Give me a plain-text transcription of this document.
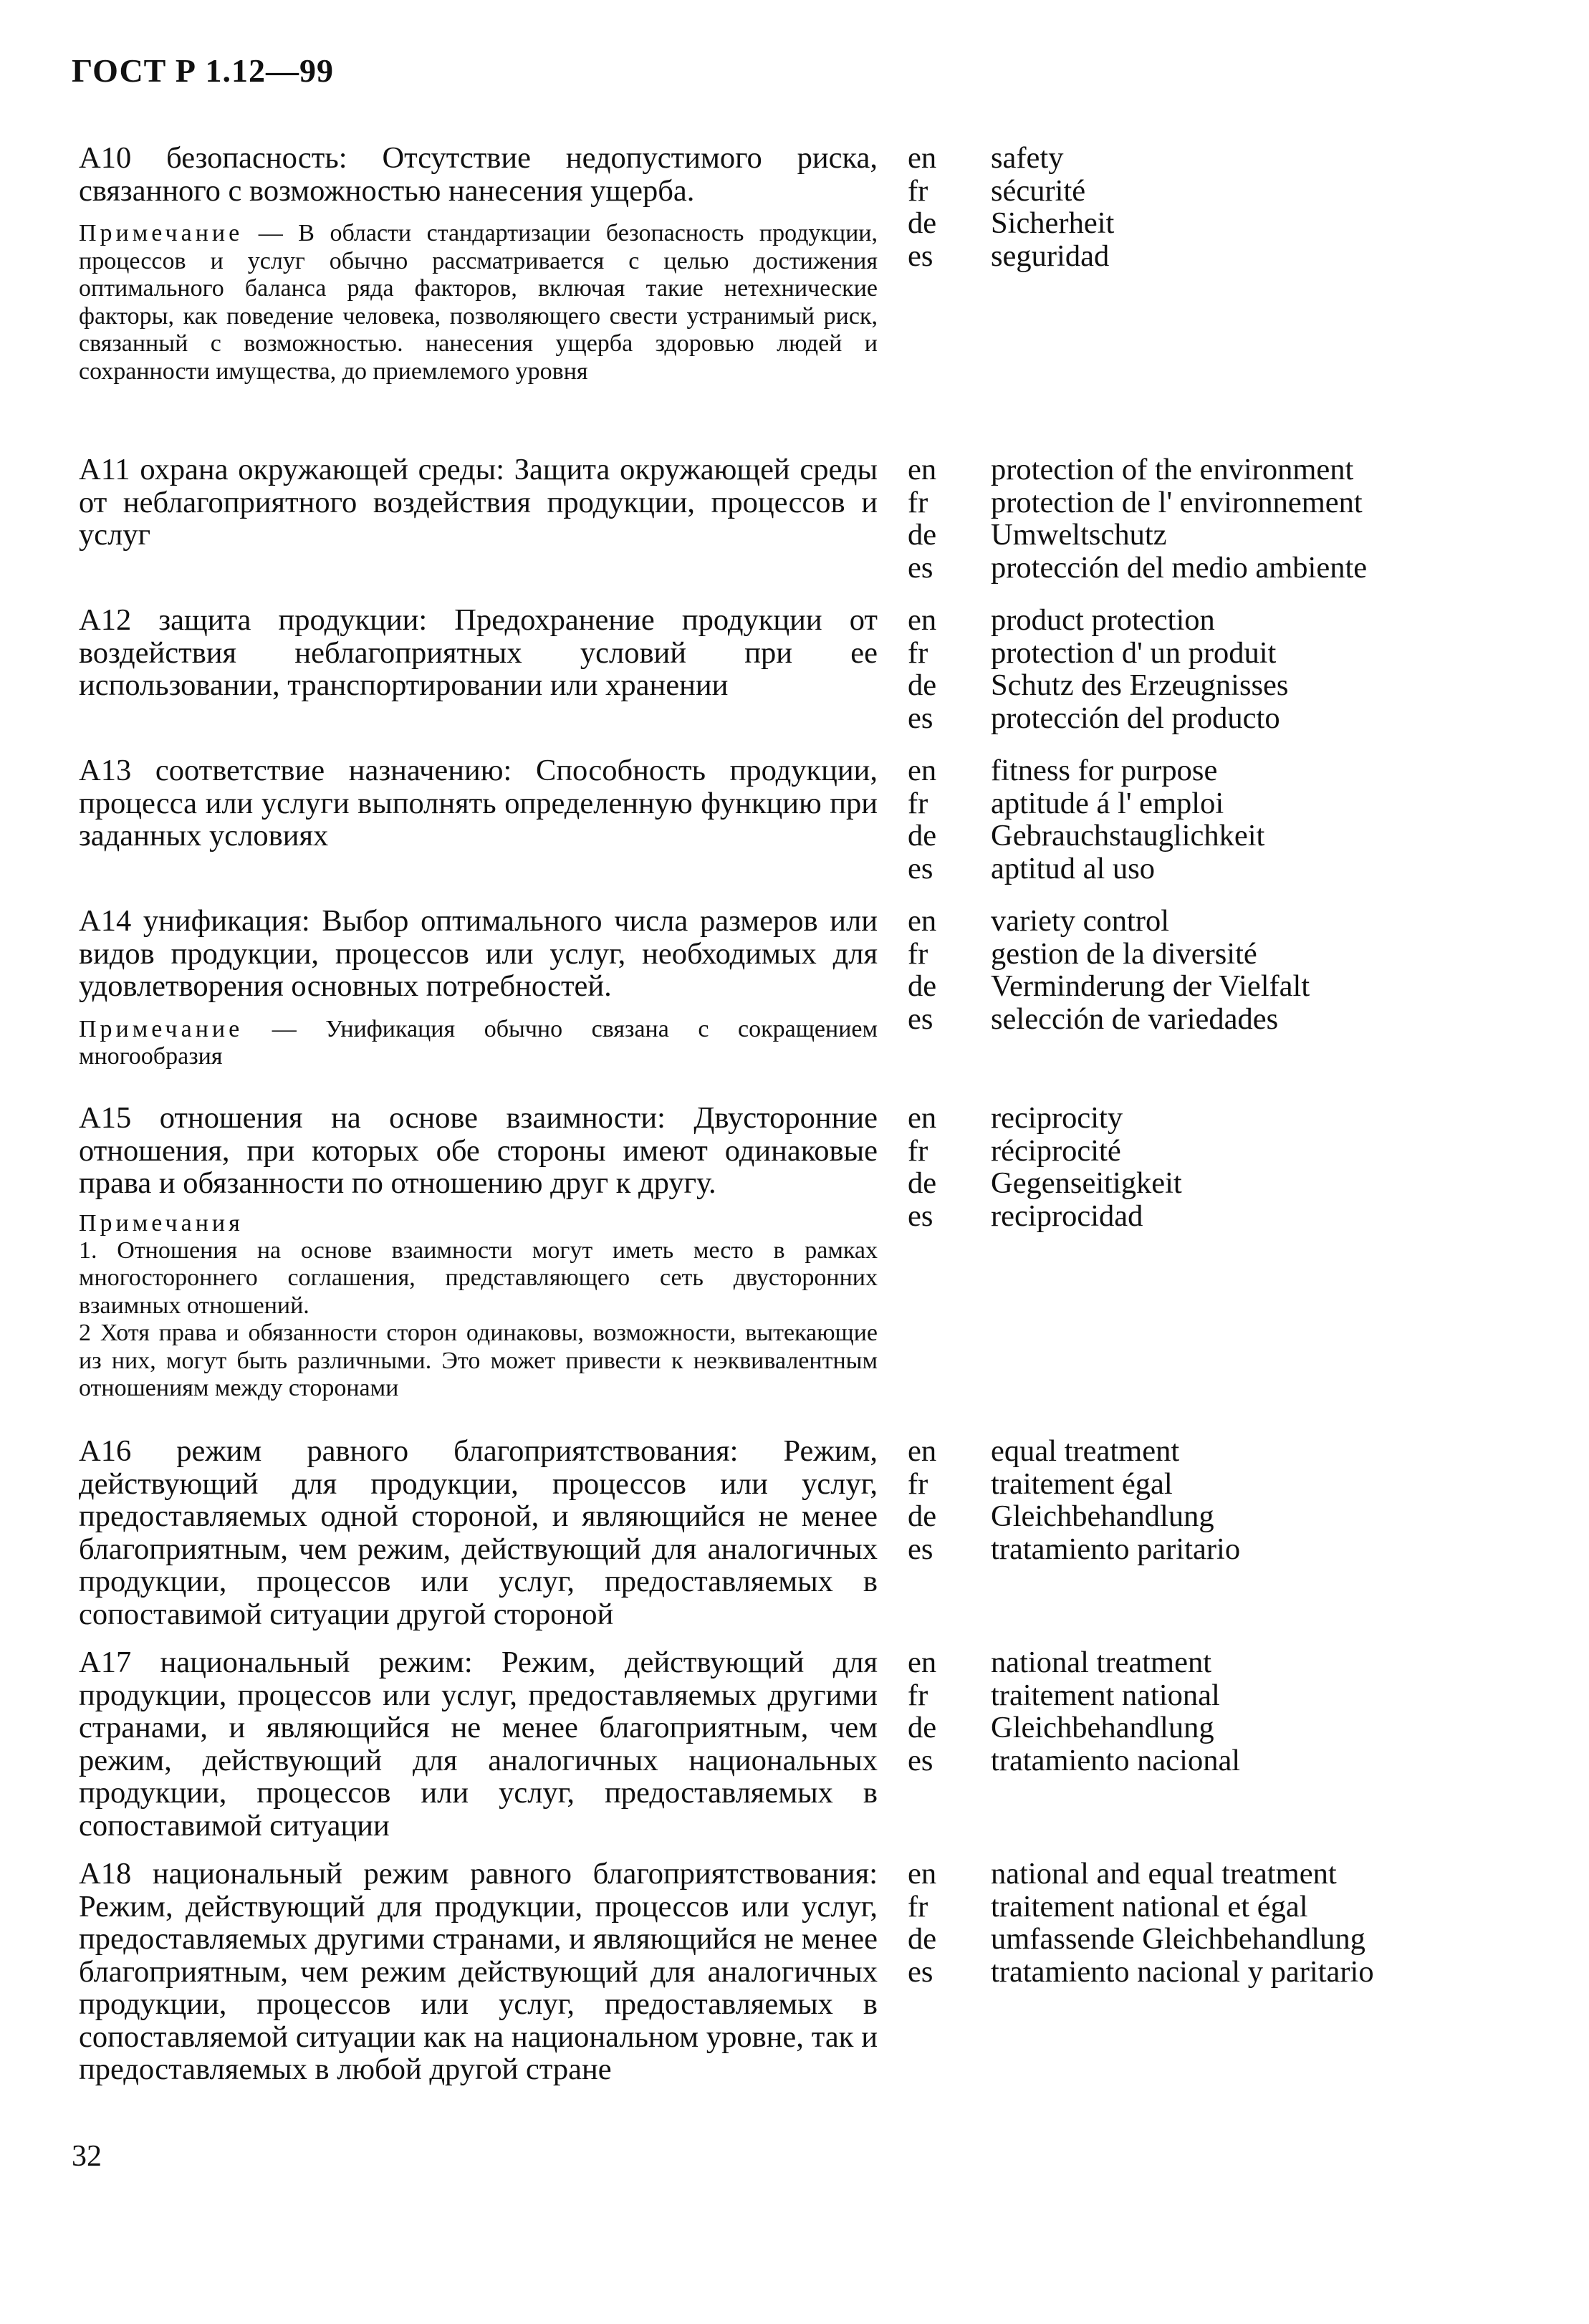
ГОСТ Р 1.12—99

А10 безопасность: Отсутствие недопустимого риска, связанного с возможностью нанесения ущерба.

Примечание — В области стандартизации безопасность продукции, процессов и услуг обычно рассматривается с целью достижения оптимального баланса ряда факторов, включая такие нетехнические факторы, как поведение человека, позволяющего свести устранимый риск, связанный с возможностью. нанесения ущерба здоровью людей и сохранности имущества, до приемлемого уровня

en
fr
de
es
safety
sécurité
Sicherheit
seguridad

А11 охрана окружающей среды: Защита окружающей среды от неблагоприятного воздействия продукции, процессов и услуг

en
fr
de
es
protection of the environment
protection de l' environnement
Umweltschutz
protección del medio ambiente

А12 защита продукции: Предохранение продукции от воздействия неблагоприятных условий при ее использовании, транспортировании или хранении

en
fr
de
es
product protection
protection d' un produit
Schutz des Erzeugnisses
protección del producto

А13 соответствие назначению: Способность продукции, процесса или услуги выполнять определенную функцию при заданных условиях

en
fr
de
es
fitness for purpose
aptitude á l' emploi
Gebrauchstauglichkeit
aptitud al uso

А14 унификация: Выбор оптимального числа размеров или видов продукции, процессов или услуг, необходимых для удовлетворения основных потребностей.

Примечание — Унификация обычно связана с сокращением многообразия

en
fr
de
es
variety control
gestion de la diversité
Verminderung der Vielfalt
selección de variedades

А15 отношения на основе взаимности: Двусторонние отношения, при которых обе стороны имеют одинаковые права и обязанности по отношению друг к другу.

Примечания

1. Отношения на основе взаимности могут иметь место в рамках многостороннего соглашения, представляющего сеть двусторонних взаимных отношений.

2 Хотя права и обязанности сторон одинаковы, возможности, вытекающие из них, могут быть различными. Это может привести к неэквивалентным отношениям между сторонами

en
fr
de
es
reciprocity
réciprocité
Gegenseitigkeit
reciprocidad

А16 режим равного благоприятствования: Режим, действующий для продукции, процессов или услуг, предоставляемых одной стороной, и являющийся не менее благоприятным, чем режим, действующий для аналогичных продукции, процессов или услуг, предоставляемых в сопоставимой ситуации другой стороной

en
fr
de
es
equal treatment
traitement égal
Gleichbehandlung
tratamiento paritario

А17 национальный режим: Режим, действующий для продукции, процессов или услуг, предоставляемых другими странами, и являющийся не менее благоприятным, чем режим, действующий для аналогичных национальных продукции, процессов или услуг, предоставляемых в сопоставимой ситуации

en
fr
de
es
national treatment
traitement national
Gleichbehandlung
tratamiento nacional

А18 национальный режим равного благоприятствования: Режим, действующий для продукции, процессов или услуг, предоставляемых другими странами, и являющийся не менее благоприятным, чем режим действующий для аналогичных продукции, процессов или услуг, предоставляемых в сопоставляемой ситуации как на национальном уровне, так и предоставляемых в любой другой стране

en
fr
de
es
national and equal treatment
traitement national et égal
umfassende Gleichbehandlung
tratamiento nacional y paritario
32
